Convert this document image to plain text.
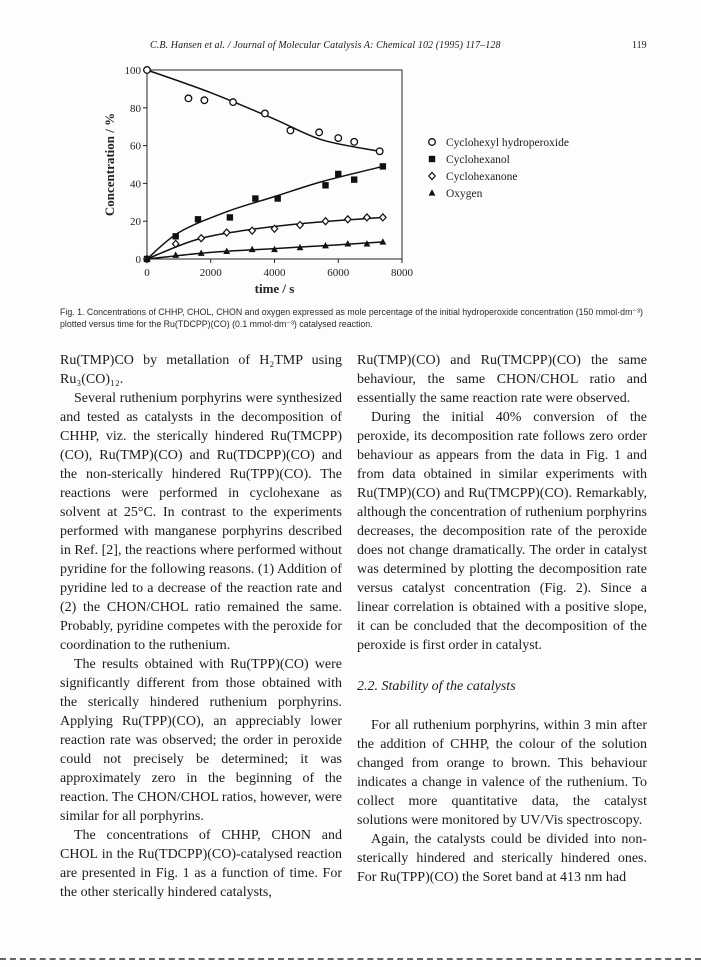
C.B. Hansen et al. / Journal of Molecular Catalysis A: Chemical 102 (1995) 117–128	119
0	2000	4000	6000	8000
0
20
40
60
80
100
time / s
Concentration / %	Cyclohexyl hydroperoxide
Cyclohexanol
Cyclohexanone
Oxygen
Fig. 1. Concentrations of CHHP, CHOL, CHON and oxygen expressed as mole percentage of the initial hydroperoxide concentration (150 mmol·dm⁻³) plotted versus time for the Ru(TDCPP)(CO) (0.1 mmol·dm⁻³) catalysed reaction.

Ru(TMP)CO by metallation of H₂TMP using Ru₃(CO)₁₂.

Several ruthenium porphyrins were synthesized and tested as catalysts in the decomposition of CHHP, viz. the sterically hindered Ru(TMCPP)(CO), Ru(TMP)(CO) and Ru(TDCPP)(CO) and the non-sterically hindered Ru(TPP)(CO). The reactions were performed in cyclohexane as solvent at 25°C. In contrast to the experiments performed with manganese porphyrins described in Ref. [2], the reactions where performed without pyridine for the following reasons. (1) Addition of pyridine led to a decrease of the reaction rate and (2) the CHON/CHOL ratio remained the same. Probably, pyridine competes with the peroxide for coordination to the ruthenium.

The results obtained with Ru(TPP)(CO) were significantly different from those obtained with the sterically hindered ruthenium porphyrins. Applying Ru(TPP)(CO), an appreciably lower reaction rate was observed; the order in peroxide could not precisely be determined; it was approximately zero in the beginning of the reaction. The CHON/CHOL ratios, however, were similar for all porphyrins.

The concentrations of CHHP, CHON and CHOL in the Ru(TDCPP)(CO)-catalysed reaction are presented in Fig. 1 as a function of time. For the other sterically hindered catalysts,

Ru(TMP)(CO) and Ru(TMCPP)(CO) the same behaviour, the same CHON/CHOL ratio and essentially the same reaction rate were observed.

During the initial 40% conversion of the peroxide, its decomposition rate follows zero order behaviour as appears from the data in Fig. 1 and from data obtained in similar experiments with Ru(TMP)(CO) and Ru(TMCPP)(CO). Remarkably, although the concentration of ruthenium porphyrins decreases, the decomposition rate of the peroxide does not change dramatically. The order in catalyst was determined by plotting the decomposition rate versus catalyst concentration (Fig. 2). Since a linear correlation is obtained with a positive slope, it can be concluded that the decomposition of the peroxide is first order in catalyst.

2.2. Stability of the catalysts

For all ruthenium porphyrins, within 3 min after the addition of CHHP, the colour of the solution changed from orange to brown. This behaviour indicates a change in valence of the ruthenium. To collect more quantitative data, the catalyst solutions were monitored by UV/Vis spectroscopy.

Again, the catalysts could be divided into non-sterically hindered and sterically hindered ones. For Ru(TPP)(CO) the Soret band at 413 nm had
